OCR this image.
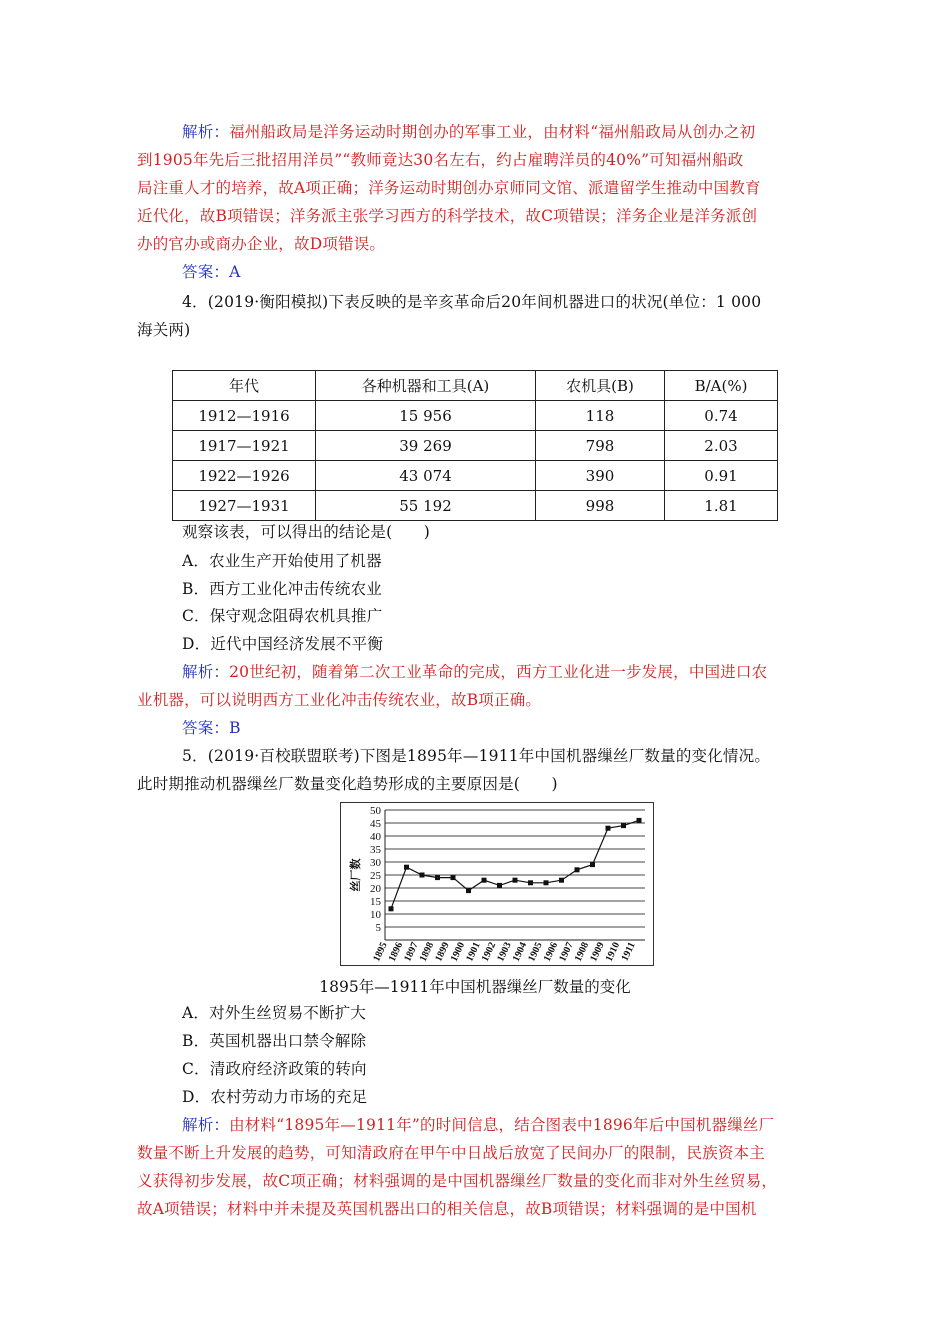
解析：福州船政局是洋务运动时期创办的军事工业，由材料“福州船政局从创办之初
到1905年先后三批招用洋员”“教师竟达30名左右，约占雇聘洋员的40%”可知福州船政
局注重人才的培养，故A项正确；洋务运动时期创办京师同文馆、派遣留学生推动中国教育
近代化，故B项错误；洋务派主张学习西方的科学技术，故C项错误；洋务企业是洋务派创
办的官办或商办企业，故D项错误。
答案：A
4．(2019·衡阳模拟)下表反映的是辛亥革命后20年间机器进口的状况(单位：1 000
海关两)
年代	各种机器和工具(A)	农机具(B)	B/A(%)
1912—1916	15 956	118	0.74
1917—1921	39 269	798	2.03
1922—1926	43 074	390	0.91
1927—1931	55 192	998	1.81
观察该表，可以得出的结论是(　　)
A．农业生产开始使用了机器
B．西方工业化冲击传统农业
C．保守观念阻碍农机具推广
D．近代中国经济发展不平衡
解析：20世纪初，随着第二次工业革命的完成，西方工业化进一步发展，中国进口农
业机器，可以说明西方工业化冲击传统农业，故B项正确。
答案：B
5．(2019·百校联盟联考)下图是1895年—1911年中国机器缫丝厂数量的变化情况。
此时期推动机器缫丝厂数量变化趋势形成的主要原因是(　　)
5
10
15
20
25
30
35
40
45
50
丝厂数
1895
1896
1897
1898
1899
1900
1901
1902
1903
1904
1905
1906
1907
1908
1909
1910
1911
1895年—1911年中国机器缫丝厂数量的变化
A．对外生丝贸易不断扩大
B．英国机器出口禁令解除
C．清政府经济政策的转向
D．农村劳动力市场的充足
解析：由材料“1895年—1911年”的时间信息，结合图表中1896年后中国机器缫丝厂
数量不断上升发展的趋势，可知清政府在甲午中日战后放宽了民间办厂的限制，民族资本主
义获得初步发展，故C项正确；材料强调的是中国机器缫丝厂数量的变化而非对外生丝贸易，
故A项错误；材料中并未提及英国机器出口的相关信息，故B项错误；材料强调的是中国机
